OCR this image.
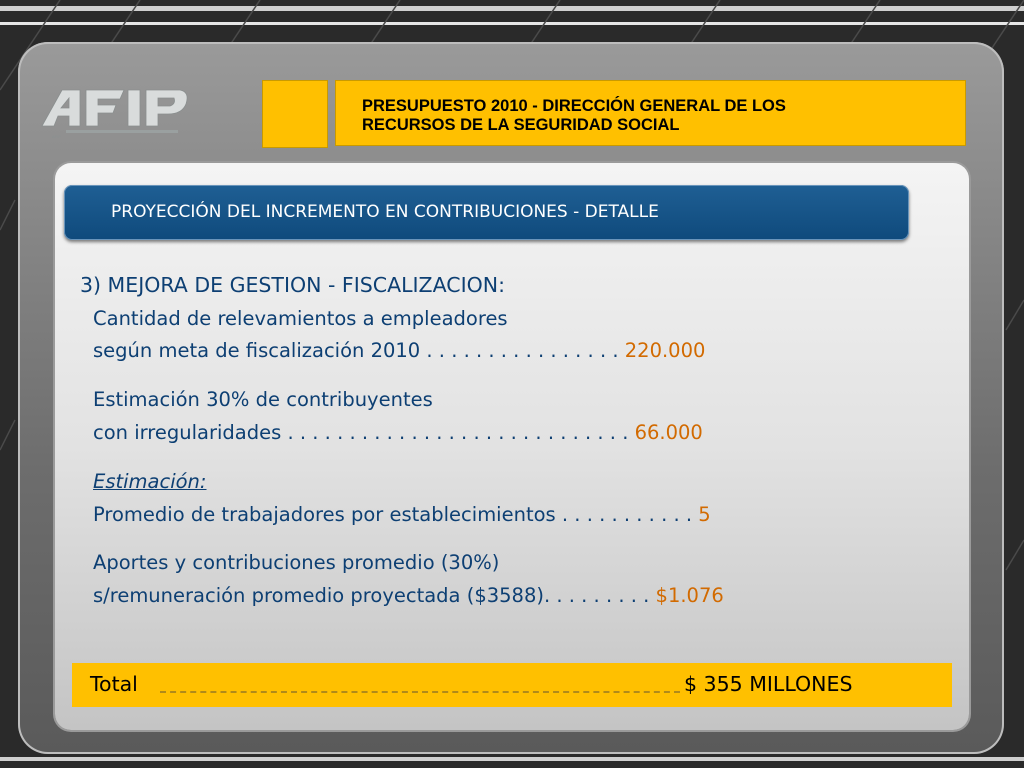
AFIP
PRESUPUESTO 2010 - DIRECCIÓN GENERAL DE LOS
RECURSOS DE LA SEGURIDAD SOCIAL
PROYECCIÓN DEL INCREMENTO EN CONTRIBUCIONES - DETALLE
3) MEJORA DE GESTION - FISCALIZACION:
Cantidad de relevamientos a empleadores
según meta de fiscalización 2010 . . . . . . . . . . . . . . . . 220.000
Estimación 30% de contribuyentes
con irregularidades . . . . . . . . . . . . . . . . . . . . . . . . . . . . 66.000
Estimación:
Promedio de trabajadores por establecimientos . . . . . . . . . . . 5
Aportes y contribuciones promedio (30%)
s/remuneración promedio proyectada ($3588). . . . . . . . . $1.076
Total	$ 355 MILLONES
